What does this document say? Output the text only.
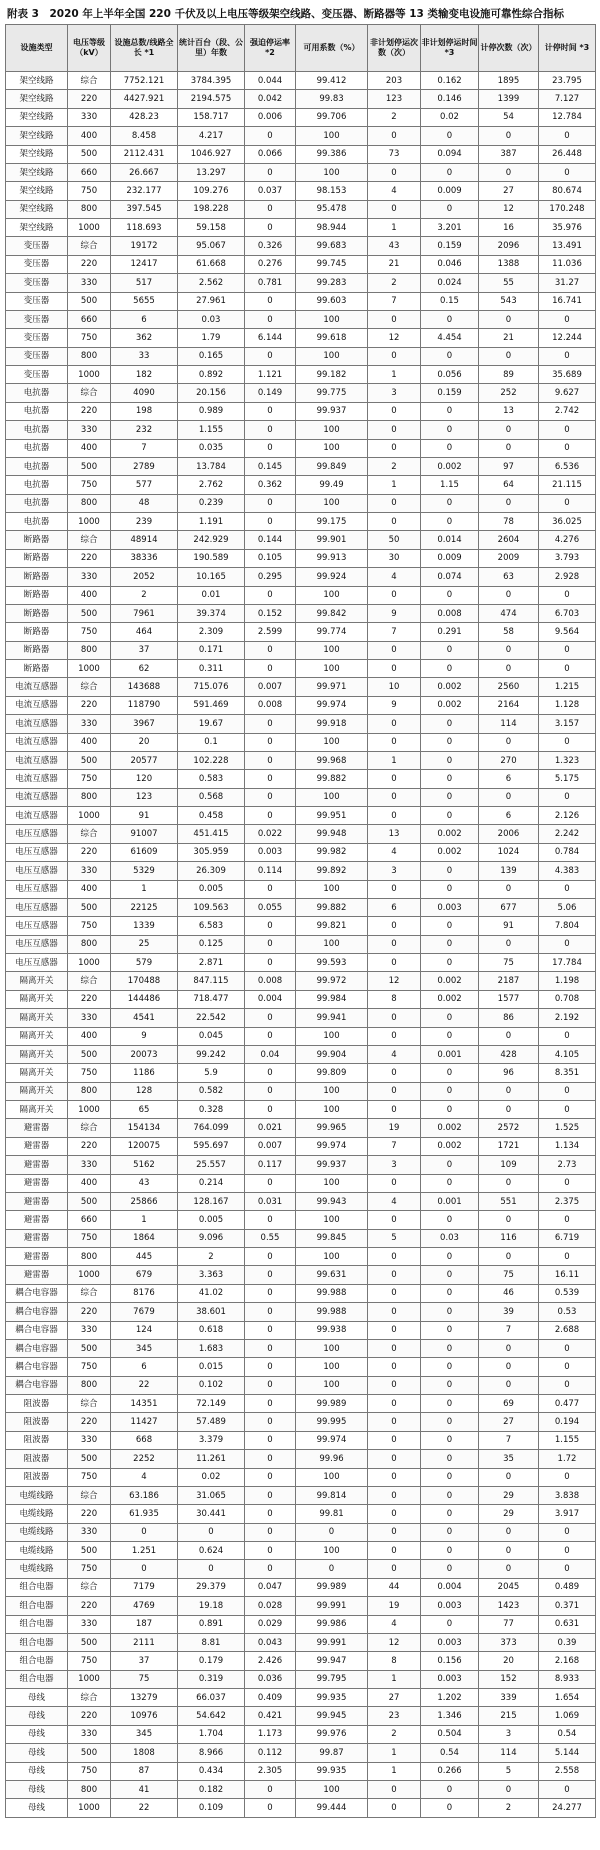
附表 3　2020 年上半年全国 220 千伏及以上电压等级架空线路、变压器、断路器等 13 类输变电设施可靠性综合指标
设施类型	电压等级（kV）	设施总数/线路全长 *1	统计百台（段、公里）年数	强迫停运率 *2	可用系数（%）	非计划停运次数（次）	非计划停运时间 *3	计停次数（次）	计停时间 *3
架空线路	综合	7752.121	3784.395	0.044	99.412	203	0.162	1895	23.795
架空线路	220	4427.921	2194.575	0.042	99.83	123	0.146	1399	7.127
架空线路	330	428.23	158.717	0.006	99.706	2	0.02	54	12.784
架空线路	400	8.458	4.217	0	100	0	0	0	0
架空线路	500	2112.431	1046.927	0.066	99.386	73	0.094	387	26.448
架空线路	660	26.667	13.297	0	100	0	0	0	0
架空线路	750	232.177	109.276	0.037	98.153	4	0.009	27	80.674
架空线路	800	397.545	198.228	0	95.478	0	0	12	170.248
架空线路	1000	118.693	59.158	0	98.944	1	3.201	16	35.976
变压器	综合	19172	95.067	0.326	99.683	43	0.159	2096	13.491
变压器	220	12417	61.668	0.276	99.745	21	0.046	1388	11.036
变压器	330	517	2.562	0.781	99.283	2	0.024	55	31.27
变压器	500	5655	27.961	0	99.603	7	0.15	543	16.741
变压器	660	6	0.03	0	100	0	0	0	0
变压器	750	362	1.79	6.144	99.618	12	4.454	21	12.244
变压器	800	33	0.165	0	100	0	0	0	0
变压器	1000	182	0.892	1.121	99.182	1	0.056	89	35.689
电抗器	综合	4090	20.156	0.149	99.775	3	0.159	252	9.627
电抗器	220	198	0.989	0	99.937	0	0	13	2.742
电抗器	330	232	1.155	0	100	0	0	0	0
电抗器	400	7	0.035	0	100	0	0	0	0
电抗器	500	2789	13.784	0.145	99.849	2	0.002	97	6.536
电抗器	750	577	2.762	0.362	99.49	1	1.15	64	21.115
电抗器	800	48	0.239	0	100	0	0	0	0
电抗器	1000	239	1.191	0	99.175	0	0	78	36.025
断路器	综合	48914	242.929	0.144	99.901	50	0.014	2604	4.276
断路器	220	38336	190.589	0.105	99.913	30	0.009	2009	3.793
断路器	330	2052	10.165	0.295	99.924	4	0.074	63	2.928
断路器	400	2	0.01	0	100	0	0	0	0
断路器	500	7961	39.374	0.152	99.842	9	0.008	474	6.703
断路器	750	464	2.309	2.599	99.774	7	0.291	58	9.564
断路器	800	37	0.171	0	100	0	0	0	0
断路器	1000	62	0.311	0	100	0	0	0	0
电流互感器	综合	143688	715.076	0.007	99.971	10	0.002	2560	1.215
电流互感器	220	118790	591.469	0.008	99.974	9	0.002	2164	1.128
电流互感器	330	3967	19.67	0	99.918	0	0	114	3.157
电流互感器	400	20	0.1	0	100	0	0	0	0
电流互感器	500	20577	102.228	0	99.968	1	0	270	1.323
电流互感器	750	120	0.583	0	99.882	0	0	6	5.175
电流互感器	800	123	0.568	0	100	0	0	0	0
电流互感器	1000	91	0.458	0	99.951	0	0	6	2.126
电压互感器	综合	91007	451.415	0.022	99.948	13	0.002	2006	2.242
电压互感器	220	61609	305.959	0.003	99.982	4	0.002	1024	0.784
电压互感器	330	5329	26.309	0.114	99.892	3	0	139	4.383
电压互感器	400	1	0.005	0	100	0	0	0	0
电压互感器	500	22125	109.563	0.055	99.882	6	0.003	677	5.06
电压互感器	750	1339	6.583	0	99.821	0	0	91	7.804
电压互感器	800	25	0.125	0	100	0	0	0	0
电压互感器	1000	579	2.871	0	99.593	0	0	75	17.784
隔离开关	综合	170488	847.115	0.008	99.972	12	0.002	2187	1.198
隔离开关	220	144486	718.477	0.004	99.984	8	0.002	1577	0.708
隔离开关	330	4541	22.542	0	99.941	0	0	86	2.192
隔离开关	400	9	0.045	0	100	0	0	0	0
隔离开关	500	20073	99.242	0.04	99.904	4	0.001	428	4.105
隔离开关	750	1186	5.9	0	99.809	0	0	96	8.351
隔离开关	800	128	0.582	0	100	0	0	0	0
隔离开关	1000	65	0.328	0	100	0	0	0	0
避雷器	综合	154134	764.099	0.021	99.965	19	0.002	2572	1.525
避雷器	220	120075	595.697	0.007	99.974	7	0.002	1721	1.134
避雷器	330	5162	25.557	0.117	99.937	3	0	109	2.73
避雷器	400	43	0.214	0	100	0	0	0	0
避雷器	500	25866	128.167	0.031	99.943	4	0.001	551	2.375
避雷器	660	1	0.005	0	100	0	0	0	0
避雷器	750	1864	9.096	0.55	99.845	5	0.03	116	6.719
避雷器	800	445	2	0	100	0	0	0	0
避雷器	1000	679	3.363	0	99.631	0	0	75	16.11
耦合电容器	综合	8176	41.02	0	99.988	0	0	46	0.539
耦合电容器	220	7679	38.601	0	99.988	0	0	39	0.53
耦合电容器	330	124	0.618	0	99.938	0	0	7	2.688
耦合电容器	500	345	1.683	0	100	0	0	0	0
耦合电容器	750	6	0.015	0	100	0	0	0	0
耦合电容器	800	22	0.102	0	100	0	0	0	0
阻波器	综合	14351	72.149	0	99.989	0	0	69	0.477
阻波器	220	11427	57.489	0	99.995	0	0	27	0.194
阻波器	330	668	3.379	0	99.974	0	0	7	1.155
阻波器	500	2252	11.261	0	99.96	0	0	35	1.72
阻波器	750	4	0.02	0	100	0	0	0	0
电缆线路	综合	63.186	31.065	0	99.814	0	0	29	3.838
电缆线路	220	61.935	30.441	0	99.81	0	0	29	3.917
电缆线路	330	0	0	0	0	0	0	0	0
电缆线路	500	1.251	0.624	0	100	0	0	0	0
电缆线路	750	0	0	0	0	0	0	0	0
组合电器	综合	7179	29.379	0.047	99.989	44	0.004	2045	0.489
组合电器	220	4769	19.18	0.028	99.991	19	0.003	1423	0.371
组合电器	330	187	0.891	0.029	99.986	4	0	77	0.631
组合电器	500	2111	8.81	0.043	99.991	12	0.003	373	0.39
组合电器	750	37	0.179	2.426	99.947	8	0.156	20	2.168
组合电器	1000	75	0.319	0.036	99.795	1	0.003	152	8.933
母线	综合	13279	66.037	0.409	99.935	27	1.202	339	1.654
母线	220	10976	54.642	0.421	99.945	23	1.346	215	1.069
母线	330	345	1.704	1.173	99.976	2	0.504	3	0.54
母线	500	1808	8.966	0.112	99.87	1	0.54	114	5.144
母线	750	87	0.434	2.305	99.935	1	0.266	5	2.558
母线	800	41	0.182	0	100	0	0	0	0
母线	1000	22	0.109	0	99.444	0	0	2	24.277
